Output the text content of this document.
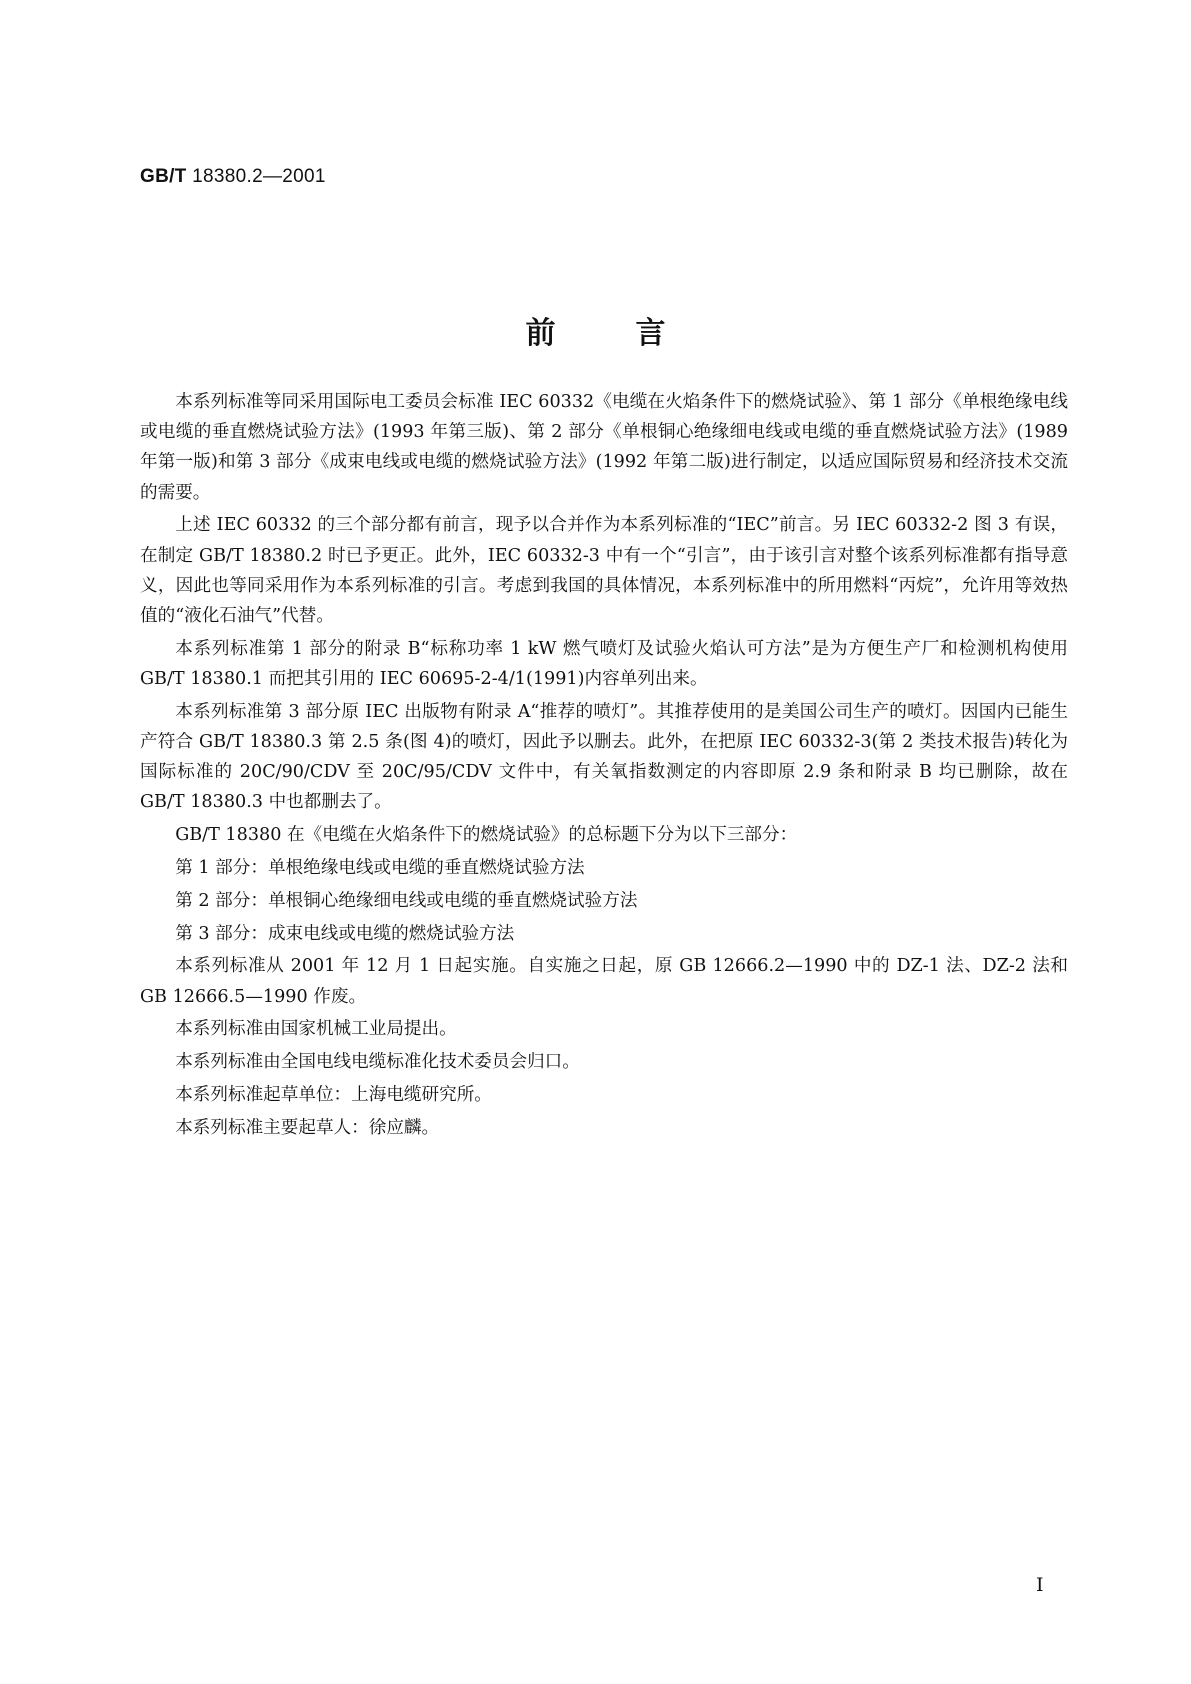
GB/T 18380.2—2001
前言

本系列标准等同采用国际电工委员会标准 IEC 60332《电缆在火焰条件下的燃烧试验》、第 1 部分《单根绝缘电线或电缆的垂直燃烧试验方法》(1993 年第三版)、第 2 部分《单根铜心绝缘细电线或电缆的垂直燃烧试验方法》(1989 年第一版)和第 3 部分《成束电线或电缆的燃烧试验方法》(1992 年第二版)进行制定，以适应国际贸易和经济技术交流的需要。

上述 IEC 60332 的三个部分都有前言，现予以合并作为本系列标准的“IEC”前言。另 IEC 60332-2 图 3 有误，在制定 GB/T 18380.2 时已予更正。此外，IEC 60332-3 中有一个“引言”，由于该引言对整个该系列标准都有指导意义，因此也等同采用作为本系列标准的引言。考虑到我国的具体情况，本系列标准中的所用燃料“丙烷”，允许用等效热值的“液化石油气”代替。

本系列标准第 1 部分的附录 B“标称功率 1 kW 燃气喷灯及试验火焰认可方法”是为方便生产厂和检测机构使用 GB/T 18380.1 而把其引用的 IEC 60695-2-4/1(1991)内容单列出来。

本系列标准第 3 部分原 IEC 出版物有附录 A“推荐的喷灯”。其推荐使用的是美国公司生产的喷灯。因国内已能生产符合 GB/T 18380.3 第 2.5 条(图 4)的喷灯，因此予以删去。此外，在把原 IEC 60332-3(第 2 类技术报告)转化为国际标准的 20C/90/CDV 至 20C/95/CDV 文件中，有关氧指数测定的内容即原 2.9 条和附录 B 均已删除，故在 GB/T 18380.3 中也都删去了。

GB/T 18380 在《电缆在火焰条件下的燃烧试验》的总标题下分为以下三部分：

第 1 部分：单根绝缘电线或电缆的垂直燃烧试验方法

第 2 部分：单根铜心绝缘细电线或电缆的垂直燃烧试验方法

第 3 部分：成束电线或电缆的燃烧试验方法

本系列标准从 2001 年 12 月 1 日起实施。自实施之日起，原 GB 12666.2—1990 中的 DZ-1 法、DZ-2 法和 GB 12666.5—1990 作废。

本系列标准由国家机械工业局提出。

本系列标准由全国电线电缆标准化技术委员会归口。

本系列标准起草单位：上海电缆研究所。

本系列标准主要起草人：徐应麟。

I
